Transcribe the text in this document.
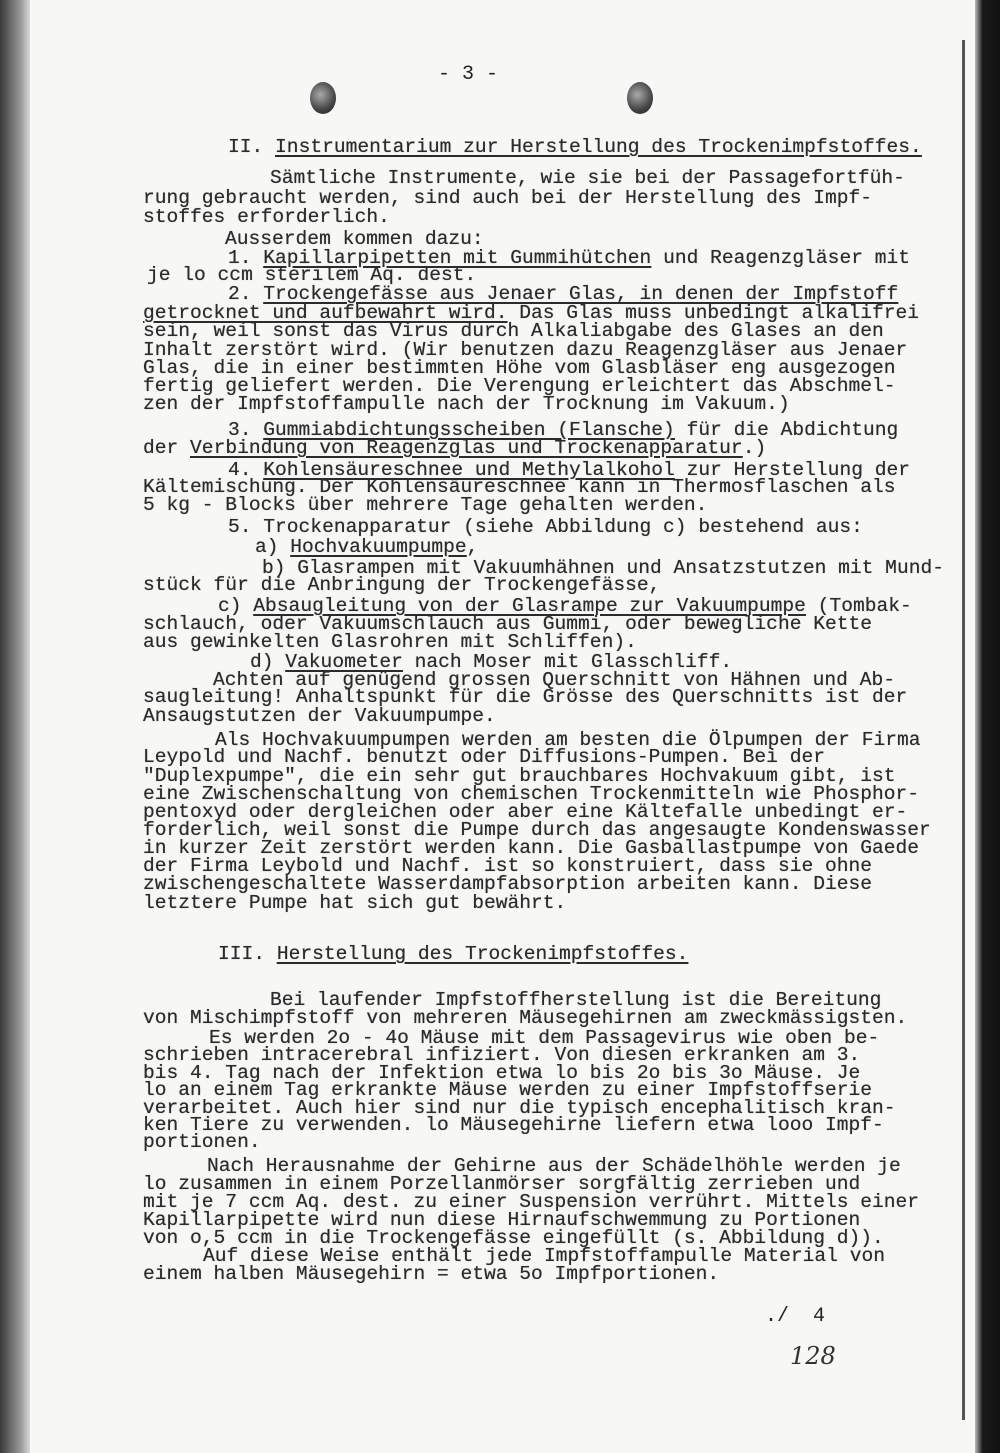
- 3 -
II. Instrumentarium zur Herstellung des Trockenimpfstoffes.
III. Herstellung des Trockenimpfstoffes.
Sämtliche Instrumente, wie sie bei der Passagefortfüh-
rung gebraucht werden, sind auch bei der Herstellung des Impf-
stoffes erforderlich.
Ausserdem kommen dazu:
1. Kapillarpipetten mit Gummihütchen und Reagenzgläser mit
je lo ccm sterilem Aq. dest.
2. Trockengefässe aus Jenaer Glas, in denen der Impfstoff
getrocknet und aufbewahrt wird. Das Glas muss unbedingt alkalifrei
sein, weil sonst das Virus durch Alkaliabgabe des Glases an den
Inhalt zerstört wird. (Wir benutzen dazu Reagenzgläser aus Jenaer
Glas, die in einer bestimmten Höhe vom Glasbläser eng ausgezogen
fertig geliefert werden. Die Verengung erleichtert das Abschmel-
zen der Impfstoffampulle nach der Trocknung im Vakuum.)
3. Gummiabdichtungsscheiben (Flansche) für die Abdichtung
der Verbindung von Reagenzglas und Trockenapparatur.)
4. Kohlensäureschnee und Methylalkohol zur Herstellung der
Kältemischung. Der Kohlensäureschnee kann in Thermosflaschen als
5 kg - Blocks über mehrere Tage gehalten werden.
5. Trockenapparatur (siehe Abbildung c) bestehend aus:
a) Hochvakuumpumpe,
b) Glasrampen mit Vakuumhähnen und Ansatzstutzen mit Mund-
stück für die Anbringung der Trockengefässe,
c) Absaugleitung von der Glasrampe zur Vakuumpumpe (Tombak-
schlauch, oder Vakuumschlauch aus Gummi, oder bewegliche Kette
aus gewinkelten Glasrohren mit Schliffen).
d) Vakuometer nach Moser mit Glasschliff.
Achten auf genügend grossen Querschnitt von Hähnen und Ab-
saugleitung! Anhaltspunkt für die Grösse des Querschnitts ist der
Ansaugstutzen der Vakuumpumpe.
Als Hochvakuumpumpen werden am besten die Ölpumpen der Firma
Leypold und Nachf. benutzt oder Diffusions-Pumpen. Bei der
"Duplexpumpe", die ein sehr gut brauchbares Hochvakuum gibt, ist
eine Zwischenschaltung von chemischen Trockenmitteln wie Phosphor-
pentoxyd oder dergleichen oder aber eine Kältefalle unbedingt er-
forderlich, weil sonst die Pumpe durch das angesaugte Kondenswasser
in kurzer Zeit zerstört werden kann. Die Gasballastpumpe von Gaede
der Firma Leybold und Nachf. ist so konstruiert, dass sie ohne
zwischengeschaltete Wasserdampfabsorption arbeiten kann. Diese
letztere Pumpe hat sich gut bewährt.
Bei laufender Impfstoffherstellung ist die Bereitung
von Mischimpfstoff von mehreren Mäusegehirnen am zweckmässigsten.
Es werden 2o - 4o Mäuse mit dem Passagevirus wie oben be-
schrieben intracerebral infiziert. Von diesen erkranken am 3.
bis 4. Tag nach der Infektion etwa lo bis 2o bis 3o Mäuse. Je
lo an einem Tag erkrankte Mäuse werden zu einer Impfstoffserie
verarbeitet. Auch hier sind nur die typisch encephalitisch kran-
ken Tiere zu verwenden. lo Mäusegehirne liefern etwa looo Impf-
portionen.
Nach Herausnahme der Gehirne aus der Schädelhöhle werden je
lo zusammen in einem Porzellanmörser sorgfältig zerrieben und
mit je 7 ccm Aq. dest. zu einer Suspension verrührt. Mittels einer
Kapillarpipette wird nun diese Hirnaufschwemmung zu Portionen
von o,5 ccm in die Trockengefässe eingefüllt (s. Abbildung d)).
Auf diese Weise enthält jede Impfstoffampulle Material von
einem halben Mäusegehirn = etwa 5o Impfportionen.
./  4
128
